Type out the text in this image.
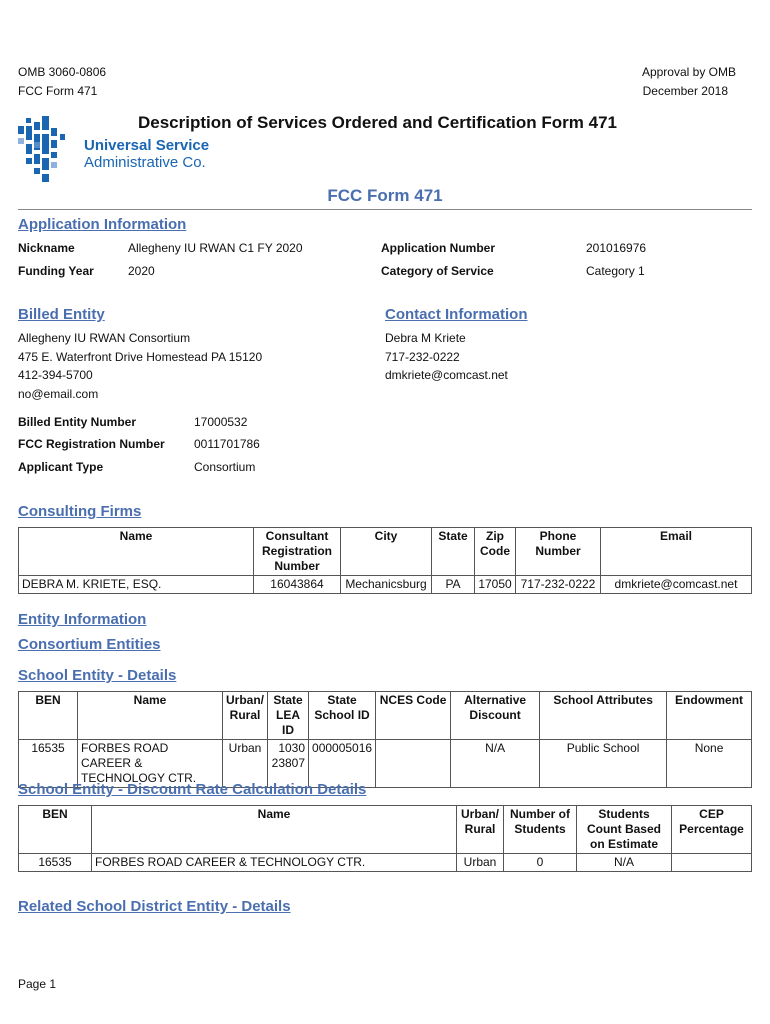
OMB 3060-0806
FCC Form 471
Approval by OMB
December 2018
Description of Services Ordered and Certification Form 471
Universal Service
Administrative Co.
FCC Form 471
Application Information
Nickname	Allegheny IU RWAN C1 FY 2020
Funding Year	2020
Application Number	201016976
Category of Service	Category 1
Billed Entity
Allegheny IU RWAN Consortium
475 E. Waterfront Drive Homestead PA 15120
412-394-5700
no@email.com
Contact Information
Debra M Kriete
717-232-0222
dmkriete@comcast.net
Billed Entity Number	17000532
FCC Registration Number 0011701786
Applicant Type	Consortium
Consulting Firms
Name	Consultant Registration Number	City	State	Zip Code	Phone Number	Email
DEBRA M. KRIETE, ESQ.	16043864	Mechanicsburg	PA	17050	717-232-0222	dmkriete@comcast.net
Entity Information
Consortium Entities
School Entity - Details
BEN	Name	Urban/ Rural	State LEA ID	State School ID	NCES Code	Alternative Discount	School Attributes	Endowment
16535	FORBES ROAD CAREER & TECHNOLOGY CTR.	Urban	1030 23807	000005016		N/A	Public School	None
School Entity - Discount Rate Calculation Details
BEN	Name	Urban/ Rural	Number of Students	Students Count Based on Estimate	CEP Percentage
16535	FORBES ROAD CAREER & TECHNOLOGY CTR.	Urban	0	N/A	
Related School District Entity - Details
Page 1
